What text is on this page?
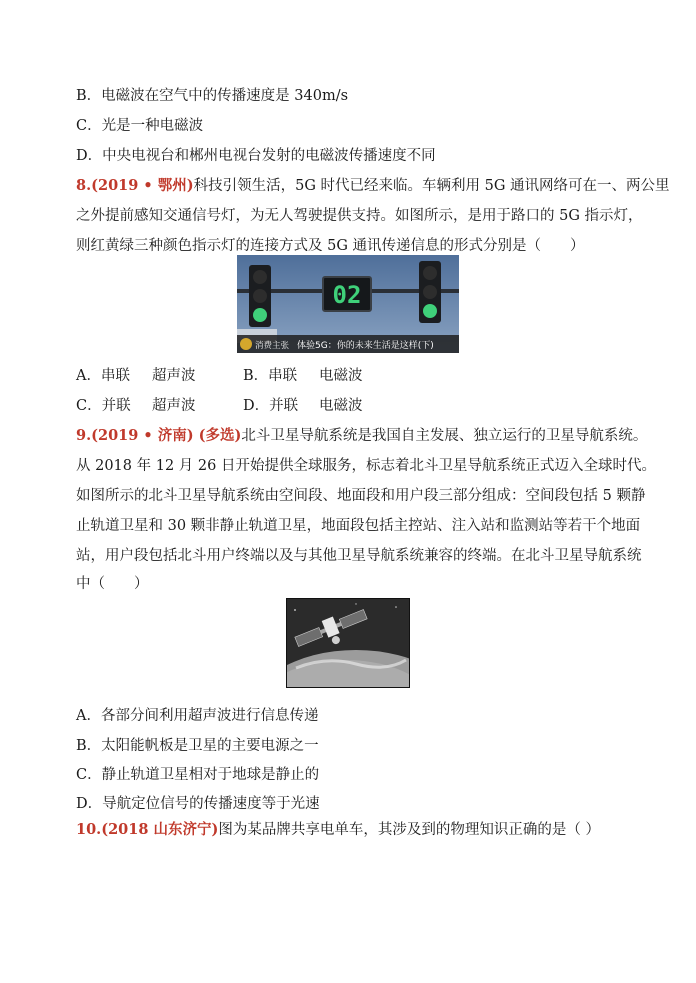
B．电磁波在空气中的传播速度是 340m/s
C．光是一种电磁波
D．中央电视台和郴州电视台发射的电磁波传播速度不同
8.(2019 • 鄂州)科技引领生活，5G 时代已经来临。车辆利用 5G 通讯网络可在一、两公里
之外提前感知交通信号灯，为无人驾驶提供支持。如图所示，是用于路口的 5G 指示灯，
则红黄绿三种颜色指示灯的连接方式及 5G 通讯传递信息的形式分别是（　　）
02
消费主张 体验5G：你的未来生活是这样(下)
A．串联 超声波	B．串联 电磁波
C．并联 超声波	D．并联 电磁波
9.(2019 • 济南) (多选)北斗卫星导航系统是我国自主发展、独立运行的卫星导航系统。
从 2018 年 12 月 26 日开始提供全球服务，标志着北斗卫星导航系统正式迈入全球时代。
如图所示的北斗卫星导航系统由空间段、地面段和用户段三部分组成：空间段包括 5 颗静
止轨道卫星和 30 颗非静止轨道卫星，地面段包括主控站、注入站和监测站等若干个地面
站，用户段包括北斗用户终端以及与其他卫星导航系统兼容的终端。在北斗卫星导航系统
中（　　）
A．各部分间利用超声波进行信息传递
B．太阳能帆板是卫星的主要电源之一
C．静止轨道卫星相对于地球是静止的
D．导航定位信号的传播速度等于光速
10.(2018 山东济宁)图为某品牌共享电单车，其涉及到的物理知识正确的是（ ）
